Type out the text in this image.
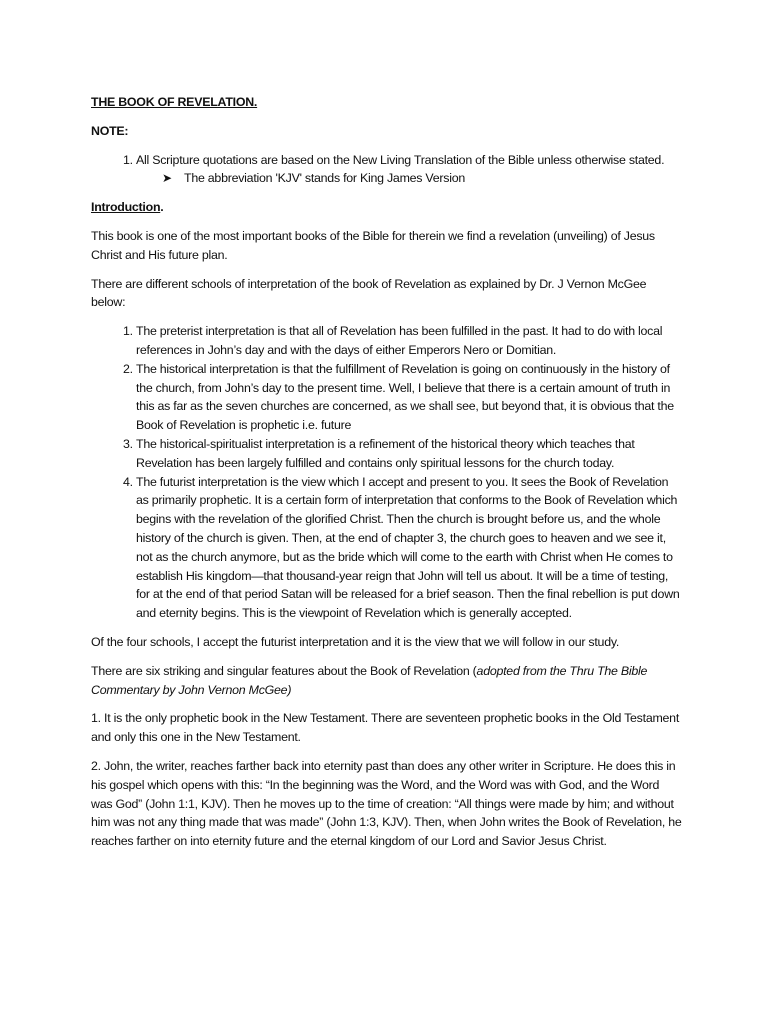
THE BOOK OF REVELATION.

NOTE:

1. All Scripture quotations are based on the New Living Translation of the Bible unless otherwise stated.
➤ The abbreviation 'KJV' stands for King James Version

Introduction.

This book is one of the most important books of the Bible for therein we find a revelation (unveiling) of Jesus Christ and His future plan.

There are different schools of interpretation of the book of Revelation as explained by Dr. J Vernon McGee below:

1. The preterist interpretation is that all of Revelation has been fulfilled in the past. It had to do with local references in John’s day and with the days of either Emperors Nero or Domitian.
2. The historical interpretation is that the fulfillment of Revelation is going on continuously in the history of the church, from John’s day to the present time. Well, I believe that there is a certain amount of truth in this as far as the seven churches are concerned, as we shall see, but beyond that, it is obvious that the Book of Revelation is prophetic i.e. future
3. The historical-spiritualist interpretation is a refinement of the historical theory which teaches that Revelation has been largely fulfilled and contains only spiritual lessons for the church today.
4. The futurist interpretation is the view which I accept and present to you. It sees the Book of Revelation as primarily prophetic. It is a certain form of interpretation that conforms to the Book of Revelation which begins with the revelation of the glorified Christ. Then the church is brought before us, and the whole history of the church is given. Then, at the end of chapter 3, the church goes to heaven and we see it, not as the church anymore, but as the bride which will come to the earth with Christ when He comes to establish His kingdom—that thousand-year reign that John will tell us about. It will be a time of testing, for at the end of that period Satan will be released for a brief season. Then the final rebellion is put down and eternity begins. This is the viewpoint of Revelation which is generally accepted.

Of the four schools, I accept the futurist interpretation and it is the view that we will follow in our study.

There are six striking and singular features about the Book of Revelation (adopted from the Thru The Bible Commentary by John Vernon McGee)

1. It is the only prophetic book in the New Testament. There are seventeen prophetic books in the Old Testament and only this one in the New Testament.

2. John, the writer, reaches farther back into eternity past than does any other writer in Scripture. He does this in his gospel which opens with this: “In the beginning was the Word, and the Word was with God, and the Word was God” (John 1:1, KJV). Then he moves up to the time of creation: “All things were made by him; and without him was not any thing made that was made” (John 1:3, KJV). Then, when John writes the Book of Revelation, he reaches farther on into eternity future and the eternal kingdom of our Lord and Savior Jesus Christ.
